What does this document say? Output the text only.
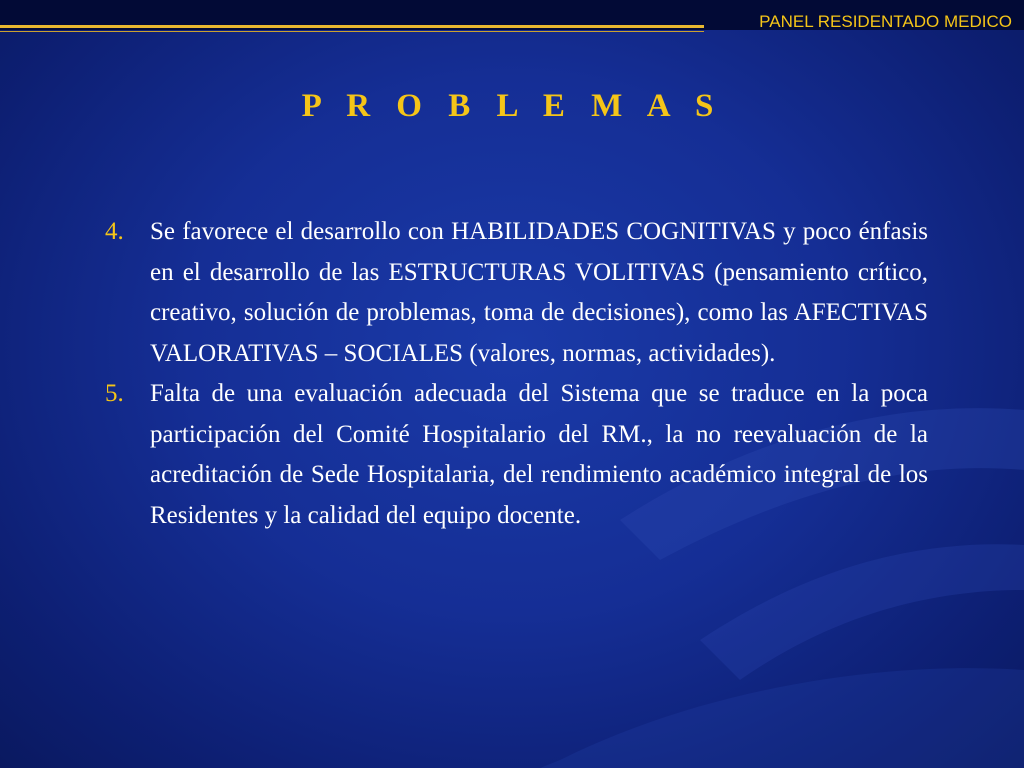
PANEL RESIDENTADO MEDICO
P R O B L E M A S
4. Se favorece el desarrollo con HABILIDADES COGNITIVAS y poco énfasis en el desarrollo de las ESTRUCTURAS VOLITIVAS (pensamiento crítico, creativo, solución de problemas, toma de decisiones), como las AFECTIVAS VALORATIVAS – SOCIALES (valores, normas, actividades).
5. Falta de una evaluación adecuada del Sistema que se traduce en la poca participación del Comité Hospitalario del RM., la no reevaluación de la acreditación de Sede Hospitalaria, del rendimiento académico integral de los Residentes y la calidad del equipo docente.
